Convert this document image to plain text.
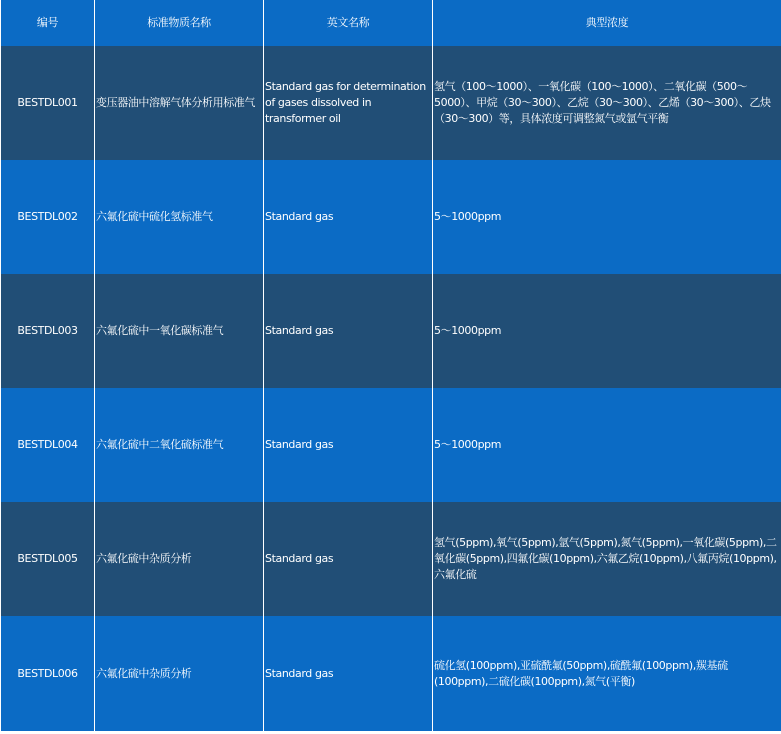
编号	标准物质名称	英文名称	典型浓度
BESTDL001	变压器油中溶解气体分析用标准气	Standard gas for determination of gases dissolved in transformer oil	氢气（100～1000）、一氧化碳（100～1000）、二氧化碳（500～5000）、甲烷（30～300）、乙烷（30～300）、乙烯（30～300）、乙炔（30～300）等，具体浓度可调整氮气或氩气平衡
BESTDL002	六氟化硫中硫化氢标准气	Standard gas	5～1000ppm
BESTDL003	六氟化硫中一氧化碳标准气	Standard gas	5～1000ppm
BESTDL004	六氟化硫中二氧化硫标准气	Standard gas	5～1000ppm
BESTDL005	六氟化硫中杂质分析	Standard gas	氢气(5ppm),氧气(5ppm),氩气(5ppm),氮气(5ppm),一氧化碳(5ppm),二氧化碳(5ppm),四氟化碳(10ppm),六氟乙烷(10ppm),八氟丙烷(10ppm),六氟化硫
BESTDL006	六氟化硫中杂质分析	Standard gas	硫化氢(100ppm),亚硫酰氟(50ppm),硫酰氟(100ppm),羰基硫(100ppm),二硫化碳(100ppm),氮气(平衡)
